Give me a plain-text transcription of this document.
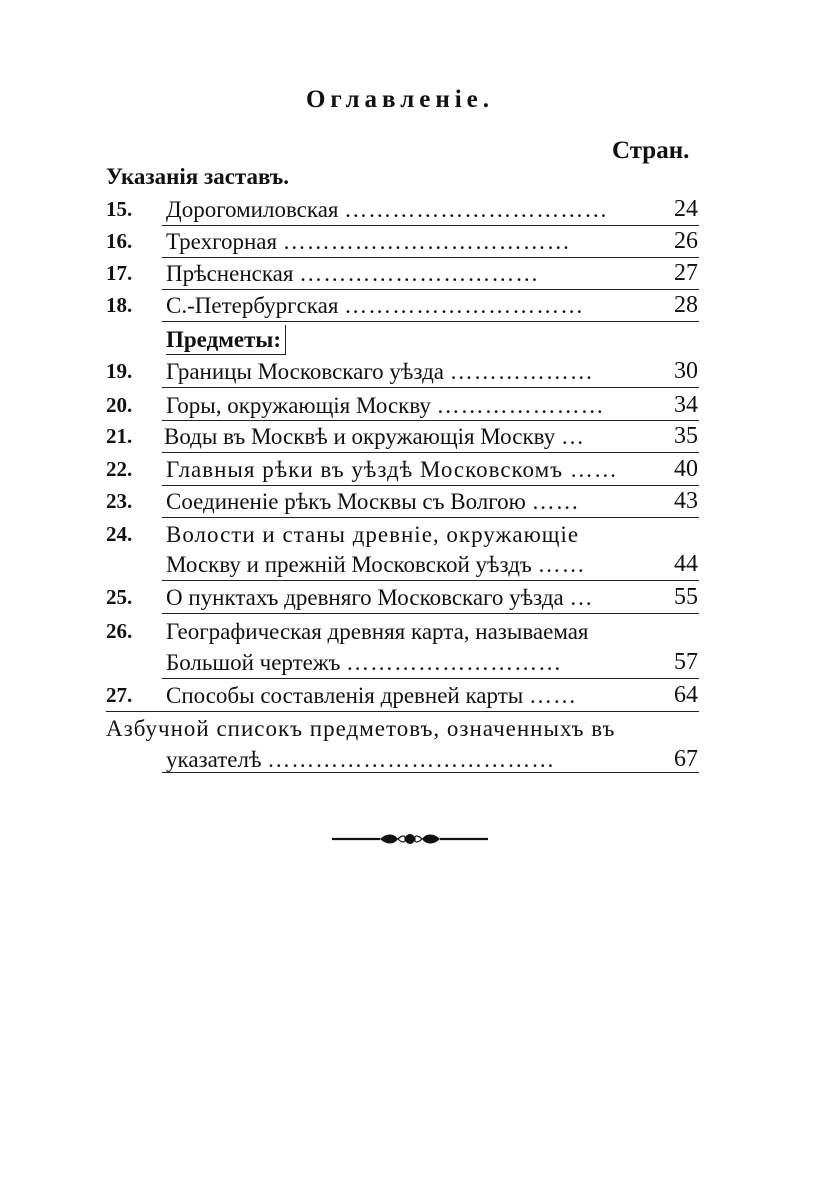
Оглавленiе.
Стран.
Указанiя заставъ.
15. Дорогомиловская ……………………………	24
16. Трехгорная ………………………………	26
17. Прѣсненская …………………………	27
18. С.-Петербургская …………………………	28
Предметы:
19. Границы Московскаго уѣзда ………………	30
20. Горы, окружающiя Москву …………………	34
21. Воды въ Москвѣ и окружающiя Москву …	35
22. Главныя рѣки въ уѣздѣ Московскомъ …… 40
23. Соединенiе рѣкъ Москвы съ Волгою ……	43
24. Волости и станы древнiе, окружающiе
Москву и прежнiй Московской уѣздъ ……	44
25. О пунктахъ древняго Московскаго уѣзда …	55
26. Географическая древняя карта, называемая
Большой чертежъ ………………………	57
27. Способы составленiя древней карты ……	64
Азбучной списокъ предметовъ, означенныхъ въ
указателѣ ………………………………	67
